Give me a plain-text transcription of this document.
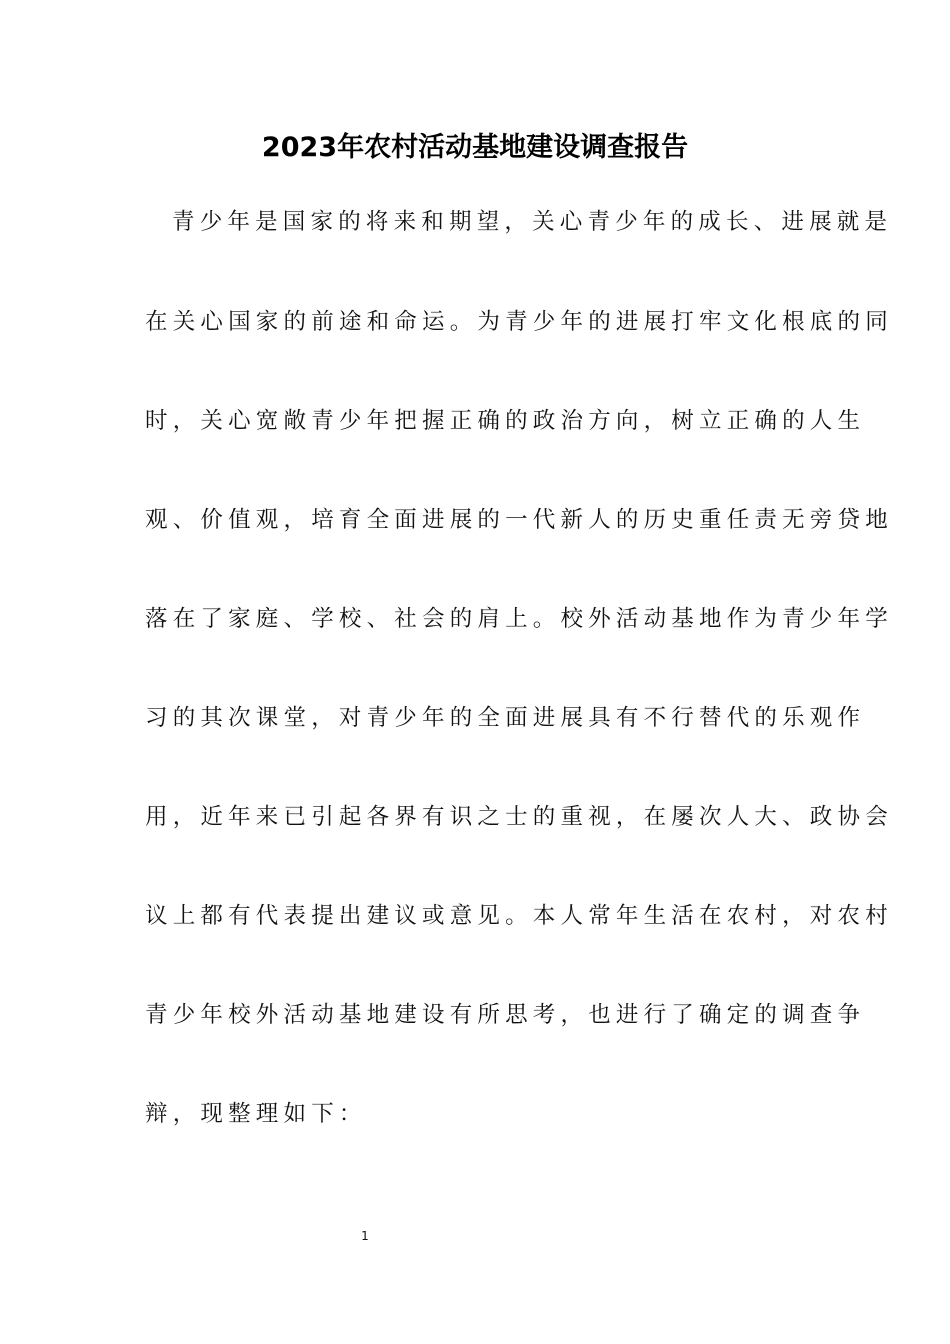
2023年农村活动基地建设调查报告
青少年是国家的将来和期望，关心青少年的成长、进展就是
在关心国家的前途和命运。为青少年的进展打牢文化根底的同
时，关心宽敞青少年把握正确的政治方向，树立正确的人生
观、价值观，培育全面进展的一代新人的历史重任责无旁贷地
落在了家庭、学校、社会的肩上。校外活动基地作为青少年学
习的其次课堂，对青少年的全面进展具有不行替代的乐观作
用，近年来已引起各界有识之士的重视，在屡次人大、政协会
议上都有代表提出建议或意见。本人常年生活在农村，对农村
青少年校外活动基地建设有所思考，也进行了确定的调查争
辩，现整理如下：
1
